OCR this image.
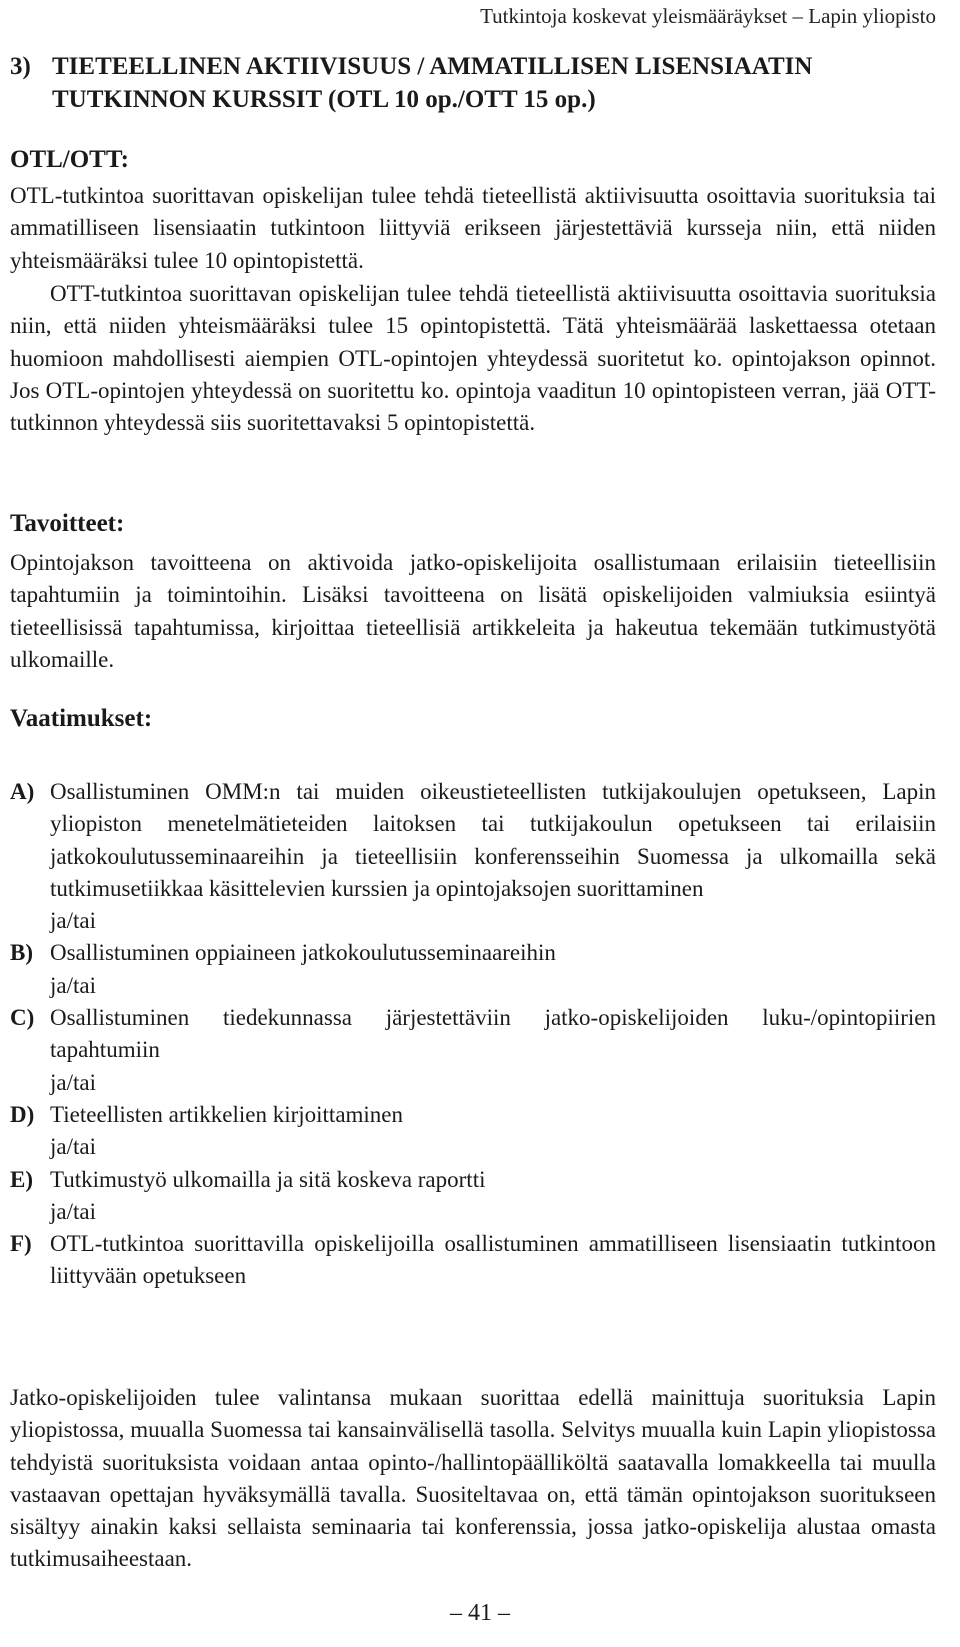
Tutkintoja koskevat yleismääräykset – Lapin yliopisto
3) TIETEELLINEN AKTIIVISUUS / AMMATILLISEN LISENSIAATIN TUTKINNON KURSSIT (OTL 10 op./OTT 15 op.)
OTL/OTT:

OTL-tutkintoa suorittavan opiskelijan tulee tehdä tieteellistä aktiivisuutta osoittavia suorituksia tai ammatilliseen lisensiaatin tutkintoon liittyviä erikseen järjestettäviä kursseja niin, että niiden yhteismääräksi tulee 10 opintopistettä.

OTT-tutkintoa suorittavan opiskelijan tulee tehdä tieteellistä aktiivisuutta osoittavia suorituksia niin, että niiden yhteismääräksi tulee 15 opintopistettä. Tätä yhteismäärää laskettaessa otetaan huomioon mahdollisesti aiempien OTL-opintojen yhteydessä suoritetut ko. opintojakson opinnot. Jos OTL-opintojen yhteydessä on suoritettu ko. opintoja vaaditun 10 opintopisteen verran, jää OTT-tutkinnon yhteydessä siis suoritettavaksi 5 opintopistettä.

Tavoitteet:

Opintojakson tavoitteena on aktivoida jatko-opiskelijoita osallistumaan erilaisiin tieteellisiin tapahtumiin ja toimintoihin. Lisäksi tavoitteena on lisätä opiskelijoiden valmiuksia esiintyä tieteellisissä tapahtumissa, kirjoittaa tieteellisiä artikkeleita ja hakeutua tekemään tutkimustyötä ulkomaille.

Vaatimukset:
A) Osallistuminen OMM:n tai muiden oikeustieteellisten tutkijakoulujen opetukseen, Lapin yliopiston menetelmätieteiden laitoksen tai tutkijakoulun opetukseen tai erilaisiin jatkokoulutusseminaareihin ja tieteellisiin konferensseihin Suomessa ja ulkomailla sekä tutkimusetiikkaa käsittelevien kurssien ja opintojaksojen suorittaminen
ja/tai
B) Osallistuminen oppiaineen jatkokoulutusseminaareihin
ja/tai
C) Osallistuminen tiedekunnassa järjestettäviin jatko-opiskelijoiden luku-/opintopiirien tapahtumiin
ja/tai
D) Tieteellisten artikkelien kirjoittaminen
ja/tai
E) Tutkimustyö ulkomailla ja sitä koskeva raportti
ja/tai
F) OTL-tutkintoa suorittavilla opiskelijoilla osallistuminen ammatilliseen lisensiaatin tutkintoon liittyvään opetukseen

Jatko-opiskelijoiden tulee valintansa mukaan suorittaa edellä mainittuja suorituksia Lapin yliopistossa, muualla Suomessa tai kansainvälisellä tasolla. Selvitys muualla kuin Lapin yliopistossa tehdyistä suorituksista voidaan antaa opinto-/hallintopäälliköltä saatavalla lomakkeella tai muulla vastaavan opettajan hyväksymällä tavalla. Suositeltavaa on, että tämän opintojakson suoritukseen sisältyy ainakin kaksi sellaista seminaaria tai konferenssia, jossa jatko-opiskelija alustaa omasta tutkimusaiheestaan.

– 41 –
